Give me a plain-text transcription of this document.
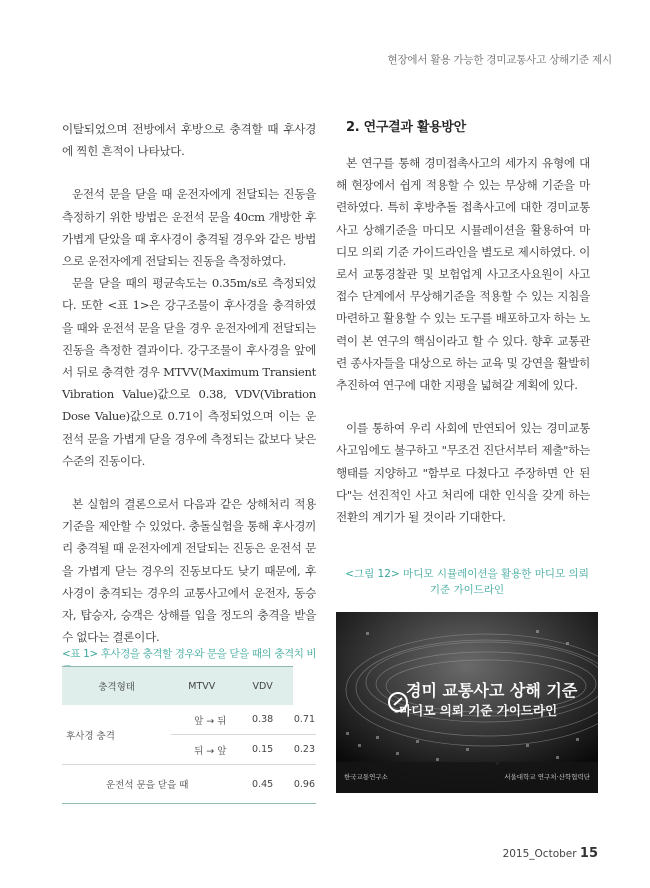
현장에서 활용 가능한 경미교통사고 상해기준 제시

이탈되었으며 전방에서 후방으로 충격할 때 후사경에 찍힌 흔적이 나타났다.

운전석 문을 닫을 때 운전자에게 전달되는 진동을 측정하기 위한 방법은 운전석 문을 40cm 개방한 후 가볍게 닫았을 때 후사경이 충격될 경우와 같은 방법으로 운전자에게 전달되는 진동을 측정하였다.

문을 닫을 때의 평균속도는 0.35m/s로 측정되었다. 또한 <표 1>은 강구조물이 후사경을 충격하였을 때와 운전석 문을 닫을 경우 운전자에게 전달되는 진동을 측정한 결과이다. 강구조물이 후사경을 앞에서 뒤로 충격한 경우 MTVV(Maximum Transient Vibration Value)값으로 0.38, VDV(Vibration Dose Value)값으로 0.71이 측정되었으며 이는 운전석 문을 가볍게 닫을 경우에 측정되는 값보다 낮은 수준의 진동이다.

본 실험의 결론으로서 다음과 같은 상해처리 적용기준을 제안할 수 있었다. 충돌실험을 통해 후사경끼리 충격될 때 운전자에게 전달되는 진동은 운전석 문을 가볍게 닫는 경우의 진동보다도 낮기 때문에, 후사경이 충격되는 경우의 교통사고에서 운전자, 동승자, 탑승자, 승객은 상해를 입을 정도의 충격을 받을 수 없다는 결론이다.

<표 1> 후사경을 충격할 경우와 문을 닫을 때의 충격치 비
충격형태	MTVV	VDV	
후사경 충격	앞 → 뒤	0.38	0.71
	뒤 → 앞	0.15	0.23
운전석 문을 닫을 때		0.45	0.96
2. 연구결과 활용방안

본 연구를 통해 경미접촉사고의 세가지 유형에 대해 현장에서 쉽게 적용할 수 있는 무상해 기준을 마련하였다. 특히 후방추돌 접촉사고에 대한 경미교통사고 상해기준을 마디모 시뮬레이션을 활용하여 마디모 의뢰 기준 가이드라인을 별도로 제시하였다. 이로서 교통경찰관 및 보험업계 사고조사요원이 사고 접수 단계에서 무상해기준을 적용할 수 있는 지침을 마련하고 활용할 수 있는 도구를 배포하고자 하는 노력이 본 연구의 핵심이라고 할 수 있다. 향후 교통관련 종사자들을 대상으로 하는 교육 및 강연을 활발히 추진하여 연구에 대한 지평을 넓혀갈 계획에 있다.

이를 통하여 우리 사회에 만연되어 있는 경미교통사고임에도 불구하고 "무조건 진단서부터 제출"하는 행태를 지양하고 "함부로 다쳤다고 주장하면 안 된다"는 선진적인 사고 처리에 대한 인식을 갖게 하는 전환의 계기가 될 것이라 기대한다.

<그림 12> 마디모 시뮬레이션을 활용한 마디모 의뢰
기준 가이드라인
경미 교통사고 상해 기준
-마디모 의뢰 기준 가이드라인
한국교통연구소	서울대학교 연구처·산학협력단
2015_October 15
